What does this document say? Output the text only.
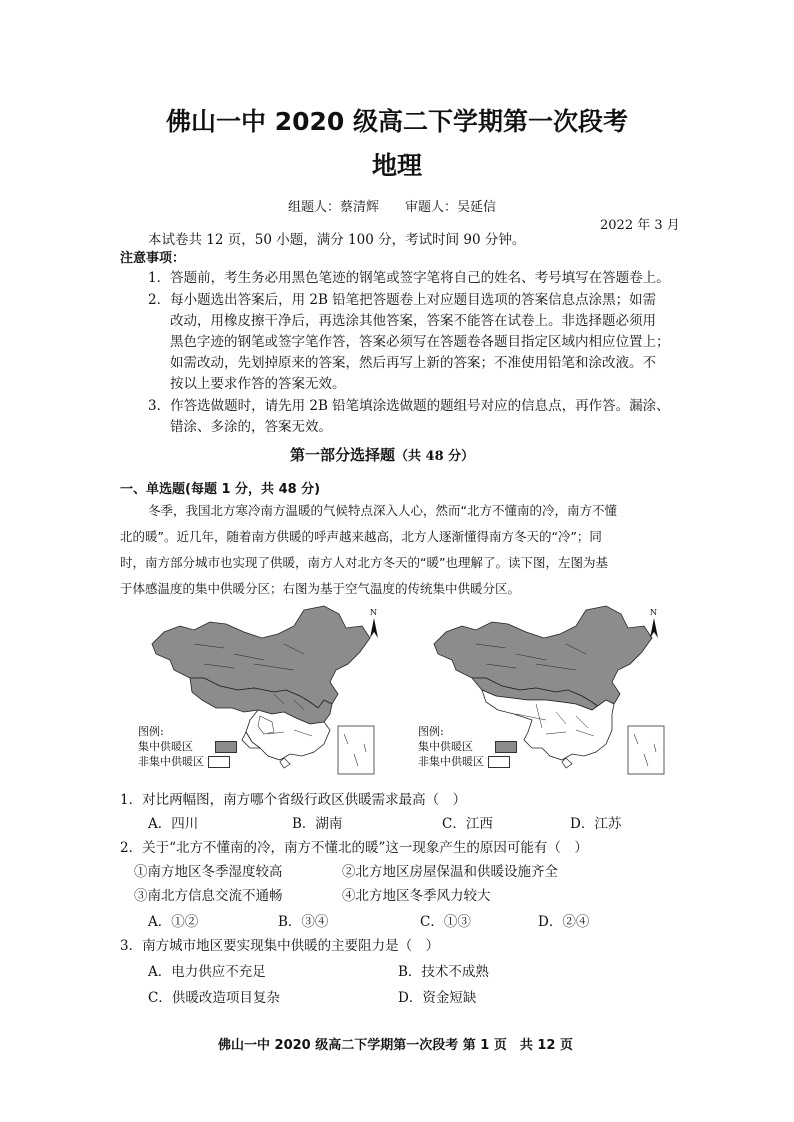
佛山一中 2020 级高二下学期第一次段考
地理
组题人：蔡清辉　　审题人：吴延信
2022 年 3 月
本试卷共 12 页，50 小题，满分 100 分，考试时间 90 分钟。
注意事项：
1．答题前，考生务必用黑色笔迹的钢笔或签字笔将自己的姓名、考号填写在答题卷上。
2．每小题选出答案后，用 2B 铅笔把答题卷上对应题目选项的答案信息点涂黑；如需
改动，用橡皮擦干净后，再选涂其他答案，答案不能答在试卷上。非选择题必须用
黑色字迹的钢笔或签字笔作答，答案必须写在答题卷各题目指定区域内相应位置上；
如需改动，先划掉原来的答案，然后再写上新的答案；不准使用铅笔和涂改液。不
按以上要求作答的答案无效。
3．作答选做题时，请先用 2B 铅笔填涂选做题的题组号对应的信息点，再作答。漏涂、
错涂、多涂的，答案无效。
第一部分选择题（共 48 分）
一、单选题(每题 1 分，共 48 分)
冬季，我国北方寒冷南方温暖的气候特点深入人心，然而“北方不懂南的冷，南方不懂
北的暖”。近几年，随着南方供暖的呼声越来越高，北方人逐渐懂得南方冬天的“冷”；同
时，南方部分城市也实现了供暖，南方人对北方冬天的“暖”也理解了。读下图，左图为基
于体感温度的集中供暖分区；右图为基于空气温度的传统集中供暖分区。
N
图例:
集中供暖区
非集中供暖区
N
图例:
集中供暖区
非集中供暖区
1．对比两幅图，南方哪个省级行政区供暖需求最高（　）
A．四川	B．湖南	C．江西	D．江苏
2．关于“北方不懂南的冷，南方不懂北的暖”这一现象产生的原因可能有（　）
①南方地区冬季湿度较高	②北方地区房屋保温和供暖设施齐全
③南北方信息交流不通畅	④北方地区冬季风力较大
A．①②	B．③④	C．①③	D．②④
3．南方城市地区要实现集中供暖的主要阻力是（　）
A．电力供应不充足	B．技术不成熟
C．供暖改造项目复杂	D．资金短缺
佛山一中 2020 级高二下学期第一次段考 第 1 页　共 12 页
